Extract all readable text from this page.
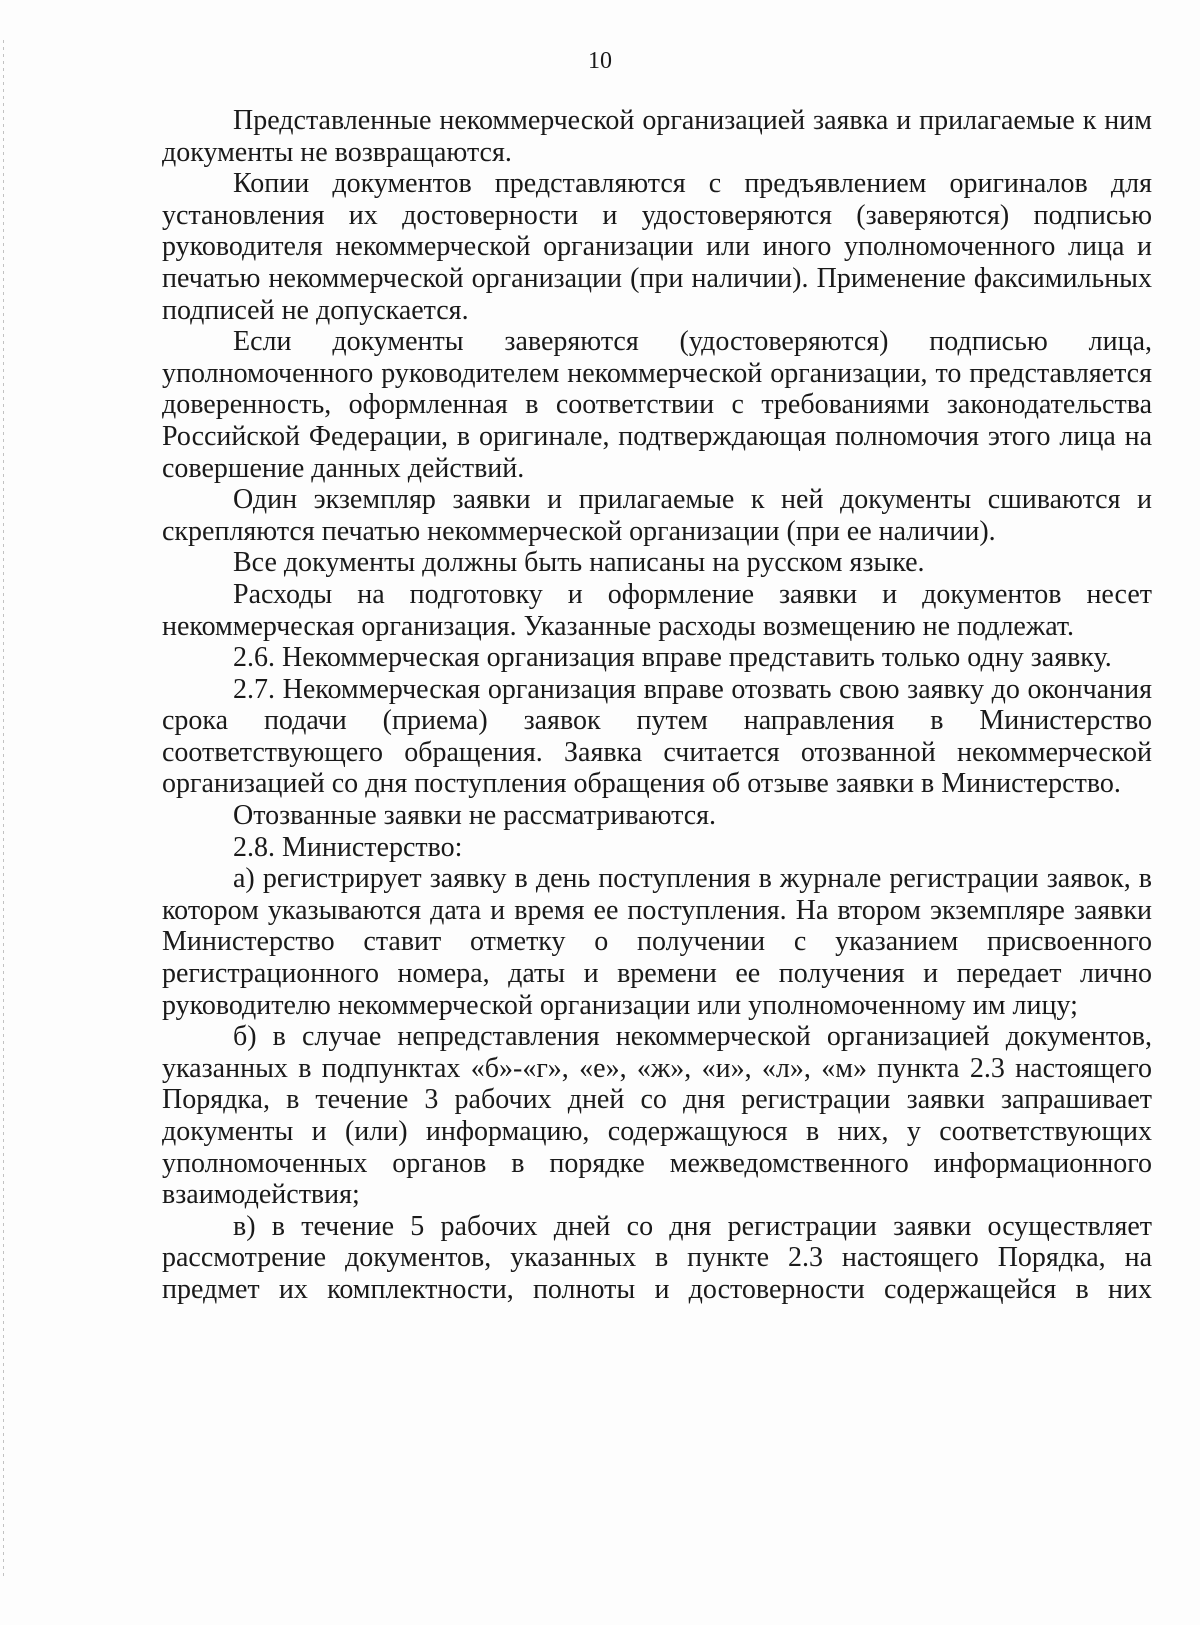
10

Представленные некоммерческой организацией заявка и прилагаемые к ним документы не возвращаются.

Копии документов представляются с предъявлением оригиналов для установления их достоверности и удостоверяются (заверяются) подписью руководителя некоммерческой организации или иного уполномоченного лица и печатью некоммерческой организации (при наличии). Применение факсимильных подписей не допускается.

Если документы заверяются (удостоверяются) подписью лица, уполномоченного руководителем некоммерческой организации, то представляется доверенность, оформленная в соответствии с требованиями законодательства Российской Федерации, в оригинале, подтверждающая полномочия этого лица на совершение данных действий.

Один экземпляр заявки и прилагаемые к ней документы сшиваются и скрепляются печатью некоммерческой организации (при ее наличии).

Все документы должны быть написаны на русском языке.

Расходы на подготовку и оформление заявки и документов несет некоммерческая организация. Указанные расходы возмещению не подлежат.

2.6. Некоммерческая организация вправе представить только одну заявку.

2.7. Некоммерческая организация вправе отозвать свою заявку до окончания срока подачи (приема) заявок путем направления в Министерство соответствующего обращения. Заявка считается отозванной некоммерческой организацией со дня поступления обращения об отзыве заявки в Министерство.

Отозванные заявки не рассматриваются.

2.8. Министерство:

а) регистрирует заявку в день поступления в журнале регистрации заявок, в котором указываются дата и время ее поступления. На втором экземпляре заявки Министерство ставит отметку о получении с указанием присвоенного регистрационного номера, даты и времени ее получения и передает лично руководителю некоммерческой организации или уполномоченному им лицу;

б) в случае непредставления некоммерческой организацией документов, указанных в подпунктах «б»-«г», «е», «ж», «и», «л», «м» пункта 2.3 настоящего Порядка, в течение 3 рабочих дней со дня регистрации заявки запрашивает документы и (или) информацию, содержащуюся в них, у соответствующих уполномоченных органов в порядке межведомственного информационного взаимодействия;

в) в течение 5 рабочих дней со дня регистрации заявки осуществляет рассмотрение документов, указанных в пункте 2.3 настоящего Порядка, на предмет их комплектности, полноты и достоверности содержащейся в них
